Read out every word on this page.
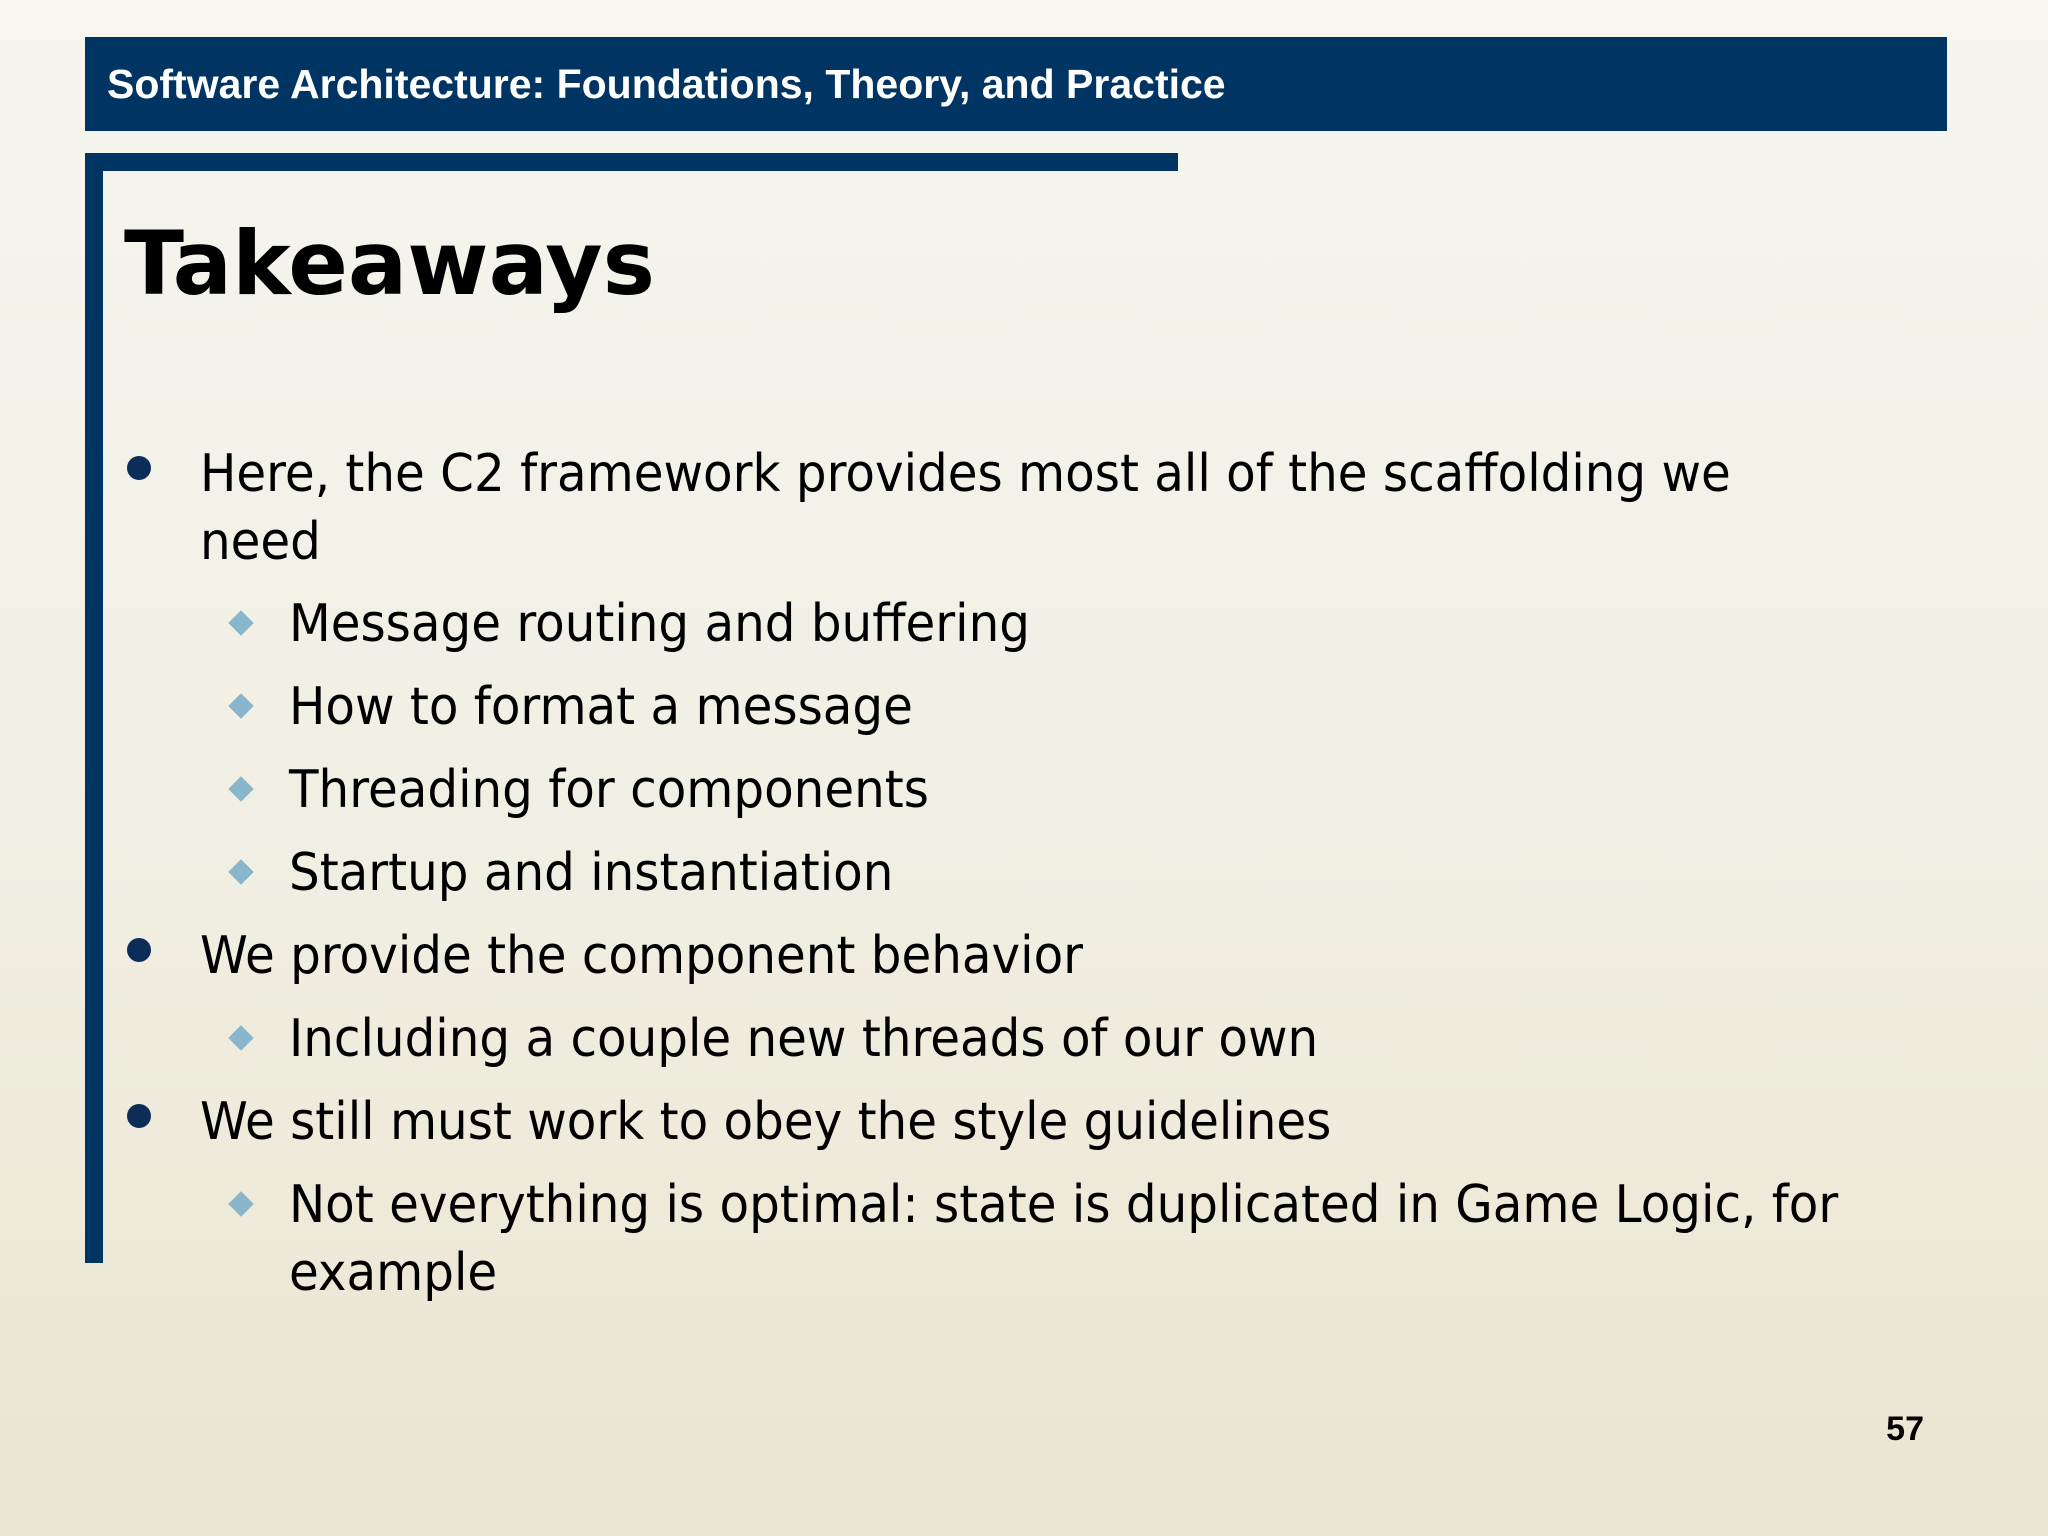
Software Architecture: Foundations, Theory, and Practice
Takeaways
Here, the C2 framework provides most all of the scaffolding we need
Message routing and buffering
How to format a message
Threading for components
Startup and instantiation
We provide the component behavior
Including a couple new threads of our own
We still must work to obey the style guidelines
Not everything is optimal: state is duplicated in Game Logic, for example
57
